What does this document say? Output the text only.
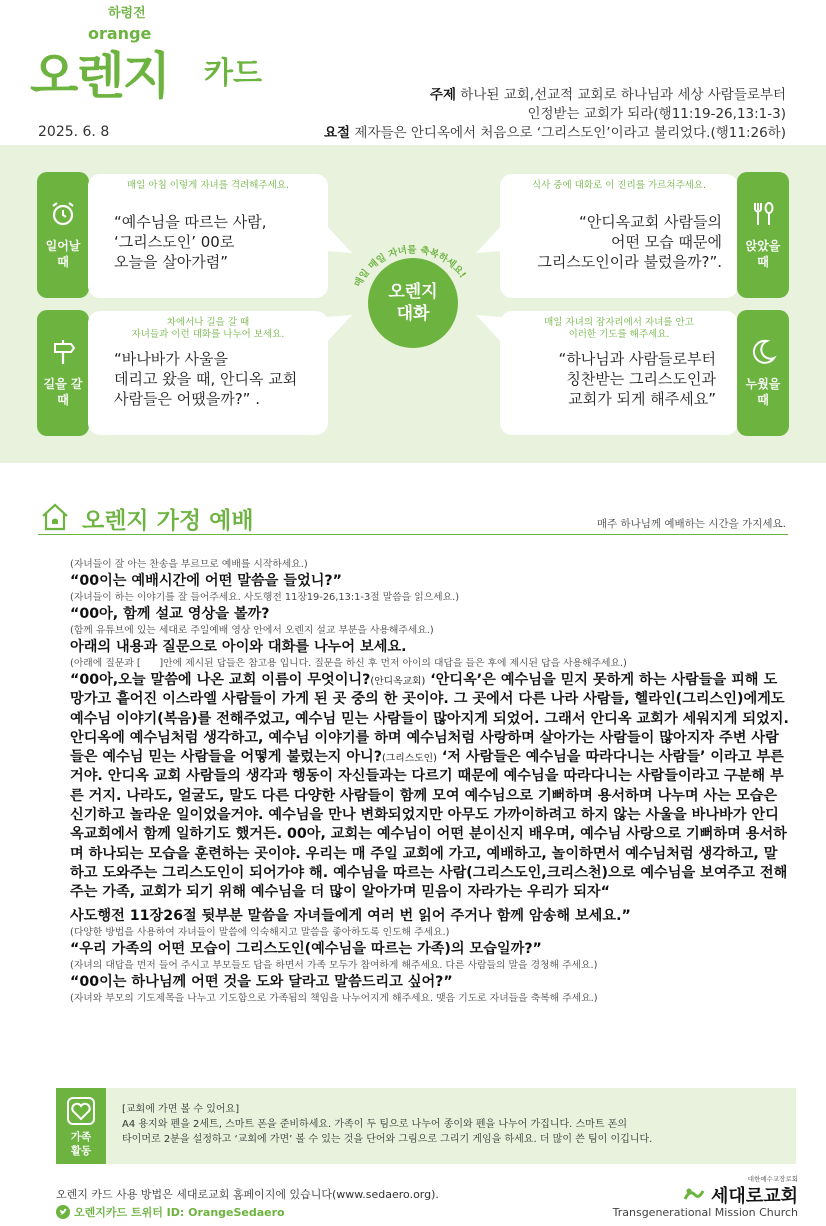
하령전
orange
오렌지 카드
2025. 6. 8
주제 하나된 교회,선교적 교회로 하나님과 세상 사람들로부터
인정받는 교회가 되라(행11:19-26,13:1-3)
요절 제자들은 안디옥에서 처음으로 ‘그리스도인’이라고 불리었다.(행11:26하)
일어날
때
매일 아침 이렇게 자녀를 격려해주세요.
“예수님을 따르는 사람,
‘그리스도인’ 00로
오늘을 살아가렴”
식사 중에 대화로 이 진리를 가르쳐주세요.
“안디옥교회 사람들의
어떤 모습 때문에
그리스도인이라 불렀을까?”.
앉았을
때
길을 갈
때
차에서나 길을 갈 때
자녀들과 이런 대화를 나누어 보세요.
“바나바가 사울을
데리고 왔을 때, 안디옥 교회
사람들은 어땠을까?” .
매일 자녀의 잠자리에서 자녀를 안고
이러한 기도를 해주세요.
“하나님과 사람들로부터
칭찬받는 그리스도인과
교회가 되게 해주세요”
누웠을
때
매일 매일 자녀를 축복하세요!
오렌지
대화
오렌지 가정 예배	매주 하나님께 예배하는 시간을 가지세요.
(자녀들이 잘 아는 찬송을 부르므로 예배를 시작하세요.)
“00이는 예배시간에 어떤 말씀을 들었니?”
(자녀들이 하는 이야기를 잘 들어주세요. 사도행전 11장19-26,13:1-3절 말씀을 읽으세요.)
“00아, 함께 설교 영상을 볼까?
(함께 유튜브에 있는 세대로 주일예배 영상 안에서 오렌지 설교 부분을 사용해주세요.)
아래의 내용과 질문으로 아이와 대화를 나누어 보세요.
(아래에 질문과 [      ]안에 제시된 답들은 참고용 입니다. 질문을 하신 후 먼저 아이의 대답을 들은 후에 제시된 답을 사용해주세요.)
“00아,오늘 말씀에 나온 교회 이름이 무엇이니?(안디옥교회) ‘안디옥’은 예수님을 믿지 못하게 하는 사람들을 피해 도망가고 흩어진 이스라엘 사람들이 가게 된 곳 중의 한 곳이야. 그 곳에서 다른 나라 사람들, 헬라인(그리스인)에게도 예수님 이야기(복음)를 전해주었고, 예수님 믿는 사람들이 많아지게 되었어. 그래서 안디옥 교회가 세워지게 되었지. 안디옥에 예수님처럼 생각하고, 예수님 이야기를 하며 예수님처럼 사랑하며 살아가는 사람들이 많아지자 주변 사람들은 예수님 믿는 사람들을 어떻게 불렀는지 아니?(그리스도인) ‘저 사람들은 예수님을 따라다니는 사람들’ 이라고 부른거야. 안디옥 교회 사람들의 생각과 행동이 자신들과는 다르기 때문에 예수님을 따라다니는 사람들이라고 구분해 부른 거지. 나라도, 얼굴도, 말도 다른 다양한 사람들이 함께 모여 예수님으로 기뻐하며 용서하며 나누며 사는 모습은 신기하고 놀라운 일이었을거야. 예수님을 만나 변화되었지만 아무도 가까이하려고 하지 않는 사울을 바나바가 안디옥교회에서 함께 일하기도 했거든. 00아, 교회는 예수님이 어떤 분이신지 배우며, 예수님 사랑으로 기뻐하며 용서하며 하나되는 모습을 훈련하는 곳이야. 우리는 매 주일 교회에 가고, 예배하고, 놀이하면서 예수님처럼 생각하고, 말하고 도와주는 그리스도인이 되어가야 해. 예수님을 따르는 사람(그리스도인,크리스천)으로 예수님을 보여주고 전해주는 가족, 교회가 되기 위해 예수님을 더 많이 알아가며 믿음이 자라가는 우리가 되자“
사도행전 11장26절 뒷부분 말씀을 자녀들에게 여러 번 읽어 주거나 함께 암송해 보세요.”
(다양한 방법을 사용하여 자녀들이 말씀에 익숙해지고 말씀을 좋아하도록 인도해 주세요.)
“우리 가족의 어떤 모습이 그리스도인(예수님을 따르는 가족)의 모습일까?”
(자녀의 대답을 먼저 들어 주시고 부모들도 답을 하면서 가족 모두가 참여하게 해주세요. 다른 사람들의 말을 경청해 주세요.)
“00이는 하나님께 어떤 것을 도와 달라고 말씀드리고 싶어?”
(자녀와 부모의 기도제목을 나누고 기도함으로 가족됨의 책임을 나누어지게 해주세요. 맺음 기도로 자녀들을 축복해 주세요.)
가족
활동
[교회에 가면 볼 수 있어요]
A4 용지와 펜을 2세트, 스마트 폰을 준비하세요. 가족이 두 팀으로 나누어 종이와 펜을 나누어 가집니다. 스마트 폰의
타이머로 2분을 설정하고 ‘교회에 가면’ 볼 수 있는 것을 단어와 그림으로 그리기 게임을 하세요. 더 많이 쓴 팀이 이깁니다.
오렌지 카드 사용 방법은 세대로교회 홈페이지에 있습니다(www.sedaero.org).
오렌지카드 트위터 ID: OrangeSedaero
대한예수교장로회
세대로교회
Transgenerational Mission Church
